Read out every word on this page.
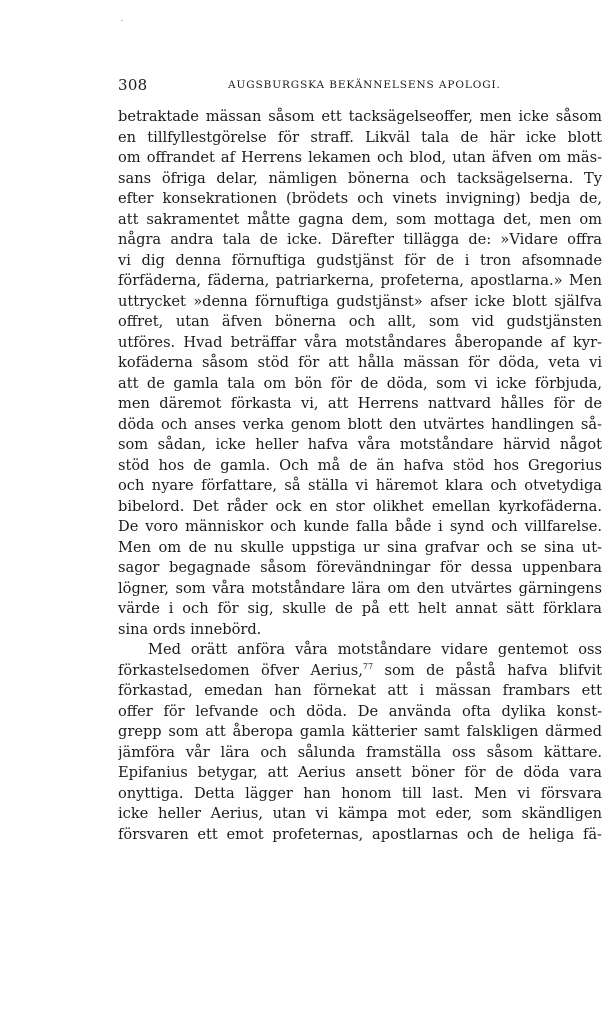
308	AUGSBURGSKA BEKÄNNELSENS APOLOGI.
betraktade mässan såsom ett tacksägelseoffer, men icke såsom
en tillfyllestgörelse för straff. Likväl tala de här icke blott
om offrandet af Herrens lekamen och blod, utan äfven om mäs-
sans öfriga delar, nämligen bönerna och tacksägelserna. Ty
efter konsekrationen (brödets och vinets invigning) bedja de,
att sakramentet måtte gagna dem, som mottaga det, men om
några andra tala de icke. Därefter tillägga de: »Vidare offra
vi dig denna förnuftiga gudstjänst för de i tron afsomnade
förfäderna, fäderna, patriarkerna, profeterna, apostlarna.» Men
uttrycket »denna förnuftiga gudstjänst» afser icke blott själfva
offret, utan äfven bönerna och allt, som vid gudstjänsten
utföres. Hvad beträffar våra motståndares åberopande af kyr-
kofäderna såsom stöd för att hålla mässan för döda, veta vi
att de gamla tala om bön för de döda, som vi icke förbjuda,
men däremot förkasta vi, att Herrens nattvard hålles för de
döda och anses verka genom blott den utvärtes handlingen så-
som sådan, icke heller hafva våra motståndare härvid något
stöd hos de gamla. Och må de än hafva stöd hos Gregorius
och nyare författare, så ställa vi häremot klara och otvetydiga
bibelord. Det råder ock en stor olikhet emellan kyrkofäderna.
De voro människor och kunde falla både i synd och villfarelse.
Men om de nu skulle uppstiga ur sina grafvar och se sina ut-
sagor begagnade såsom förevändningar för dessa uppenbara
lögner, som våra motståndare lära om den utvärtes gärningens
värde i och för sig, skulle de på ett helt annat sätt förklara
sina ords innebörd.
Med orätt anföra våra motståndare vidare gentemot oss
förkastelsedomen öfver Aerius,$^{77}$ som de påstå hafva blifvit
förkastad, emedan han förnekat att i mässan frambars ett
offer för lefvande och döda. De använda ofta dylika konst-
grepp som att åberopa gamla kätterier samt falskligen därmed
jämföra vår lära och sålunda framställa oss såsom kättare.
Epifanius betygar, att Aerius ansett böner för de döda vara
onyttiga. Detta lägger han honom till last. Men vi försvara
icke heller Aerius, utan vi kämpa mot eder, som skändligen
försvaren ett emot profeternas, apostlarnas och de heliga fä-
